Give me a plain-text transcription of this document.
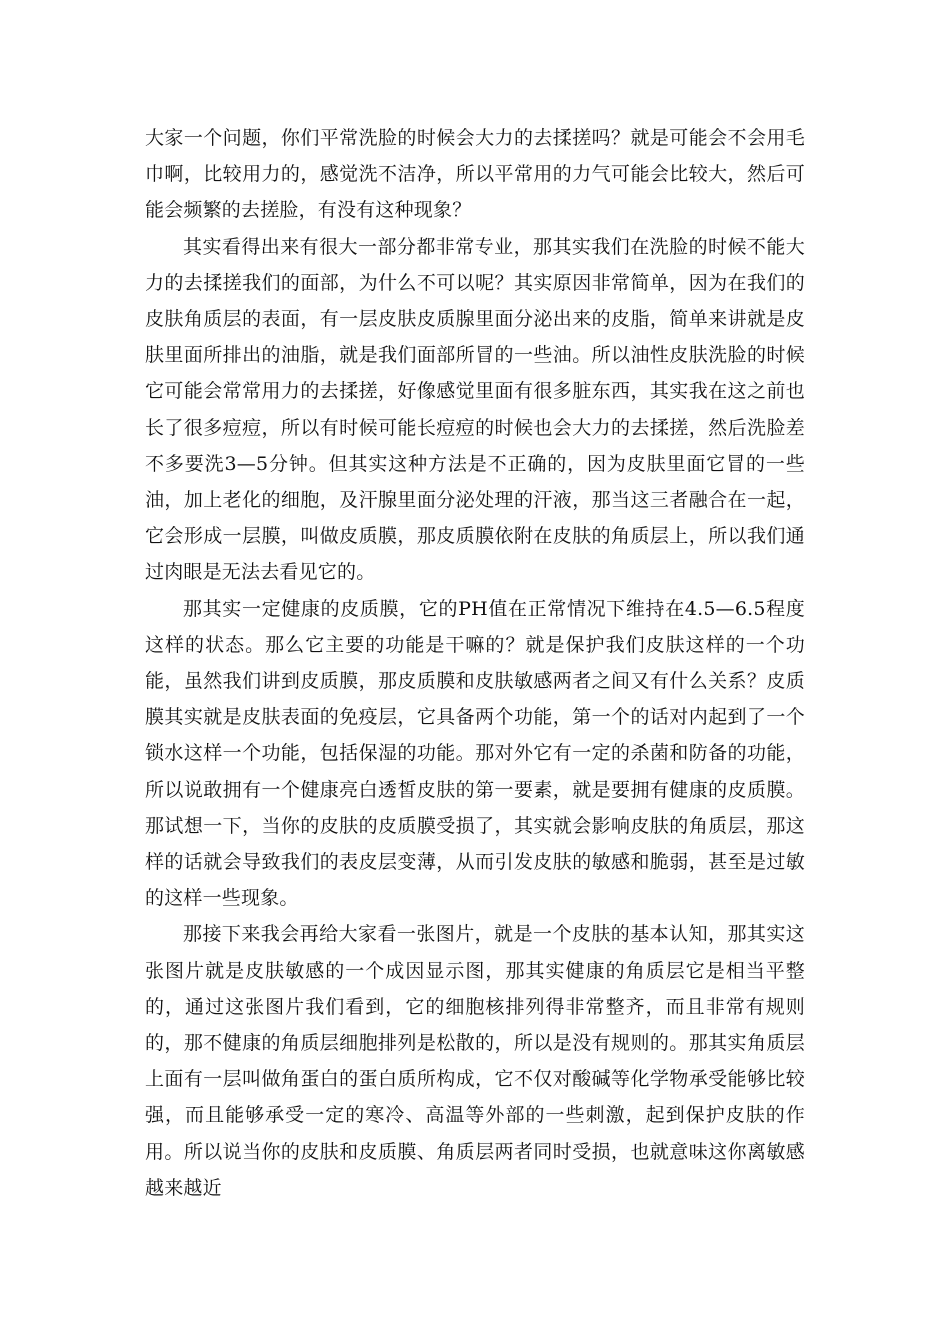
大家一个问题，你们平常洗脸的时候会大力的去揉搓吗？就是可能会不会用毛巾啊，比较用力的，感觉洗不洁净，所以平常用的力气可能会比较大，然后可能会频繁的去搓脸，有没有这种现象？

其实看得出来有很大一部分都非常专业，那其实我们在洗脸的时候不能大力的去揉搓我们的面部，为什么不可以呢？其实原因非常简单，因为在我们的皮肤角质层的表面，有一层皮肤皮质腺里面分泌出来的皮脂，简单来讲就是皮肤里面所排出的油脂，就是我们面部所冒的一些油。所以油性皮肤洗脸的时候它可能会常常用力的去揉搓，好像感觉里面有很多脏东西，其实我在这之前也长了很多痘痘，所以有时候可能长痘痘的时候也会大力的去揉搓，然后洗脸差不多要洗3—5分钟。但其实这种方法是不正确的，因为皮肤里面它冒的一些油，加上老化的细胞，及汗腺里面分泌处理的汗液，那当这三者融合在一起，它会形成一层膜，叫做皮质膜，那皮质膜依附在皮肤的角质层上，所以我们通过肉眼是无法去看见它的。

那其实一定健康的皮质膜，它的PH值在正常情况下维持在4.5—6.5程度这样的状态。那么它主要的功能是干嘛的？就是保护我们皮肤这样的一个功能，虽然我们讲到皮质膜，那皮质膜和皮肤敏感两者之间又有什么关系？皮质膜其实就是皮肤表面的免疫层，它具备两个功能，第一个的话对内起到了一个锁水这样一个功能，包括保湿的功能。那对外它有一定的杀菌和防备的功能，所以说敢拥有一个健康亮白透皙皮肤的第一要素，就是要拥有健康的皮质膜。那试想一下，当你的皮肤的皮质膜受损了，其实就会影响皮肤的角质层，那这样的话就会导致我们的表皮层变薄，从而引发皮肤的敏感和脆弱，甚至是过敏的这样一些现象。

那接下来我会再给大家看一张图片，就是一个皮肤的基本认知，那其实这张图片就是皮肤敏感的一个成因显示图，那其实健康的角质层它是相当平整的，通过这张图片我们看到，它的细胞核排列得非常整齐，而且非常有规则的，那不健康的角质层细胞排列是松散的，所以是没有规则的。那其实角质层上面有一层叫做角蛋白的蛋白质所构成，它不仅对酸碱等化学物承受能够比较强，而且能够承受一定的寒冷、高温等外部的一些刺激，起到保护皮肤的作用。所以说当你的皮肤和皮质膜、角质层两者同时受损，也就意味这你离敏感越来越近
